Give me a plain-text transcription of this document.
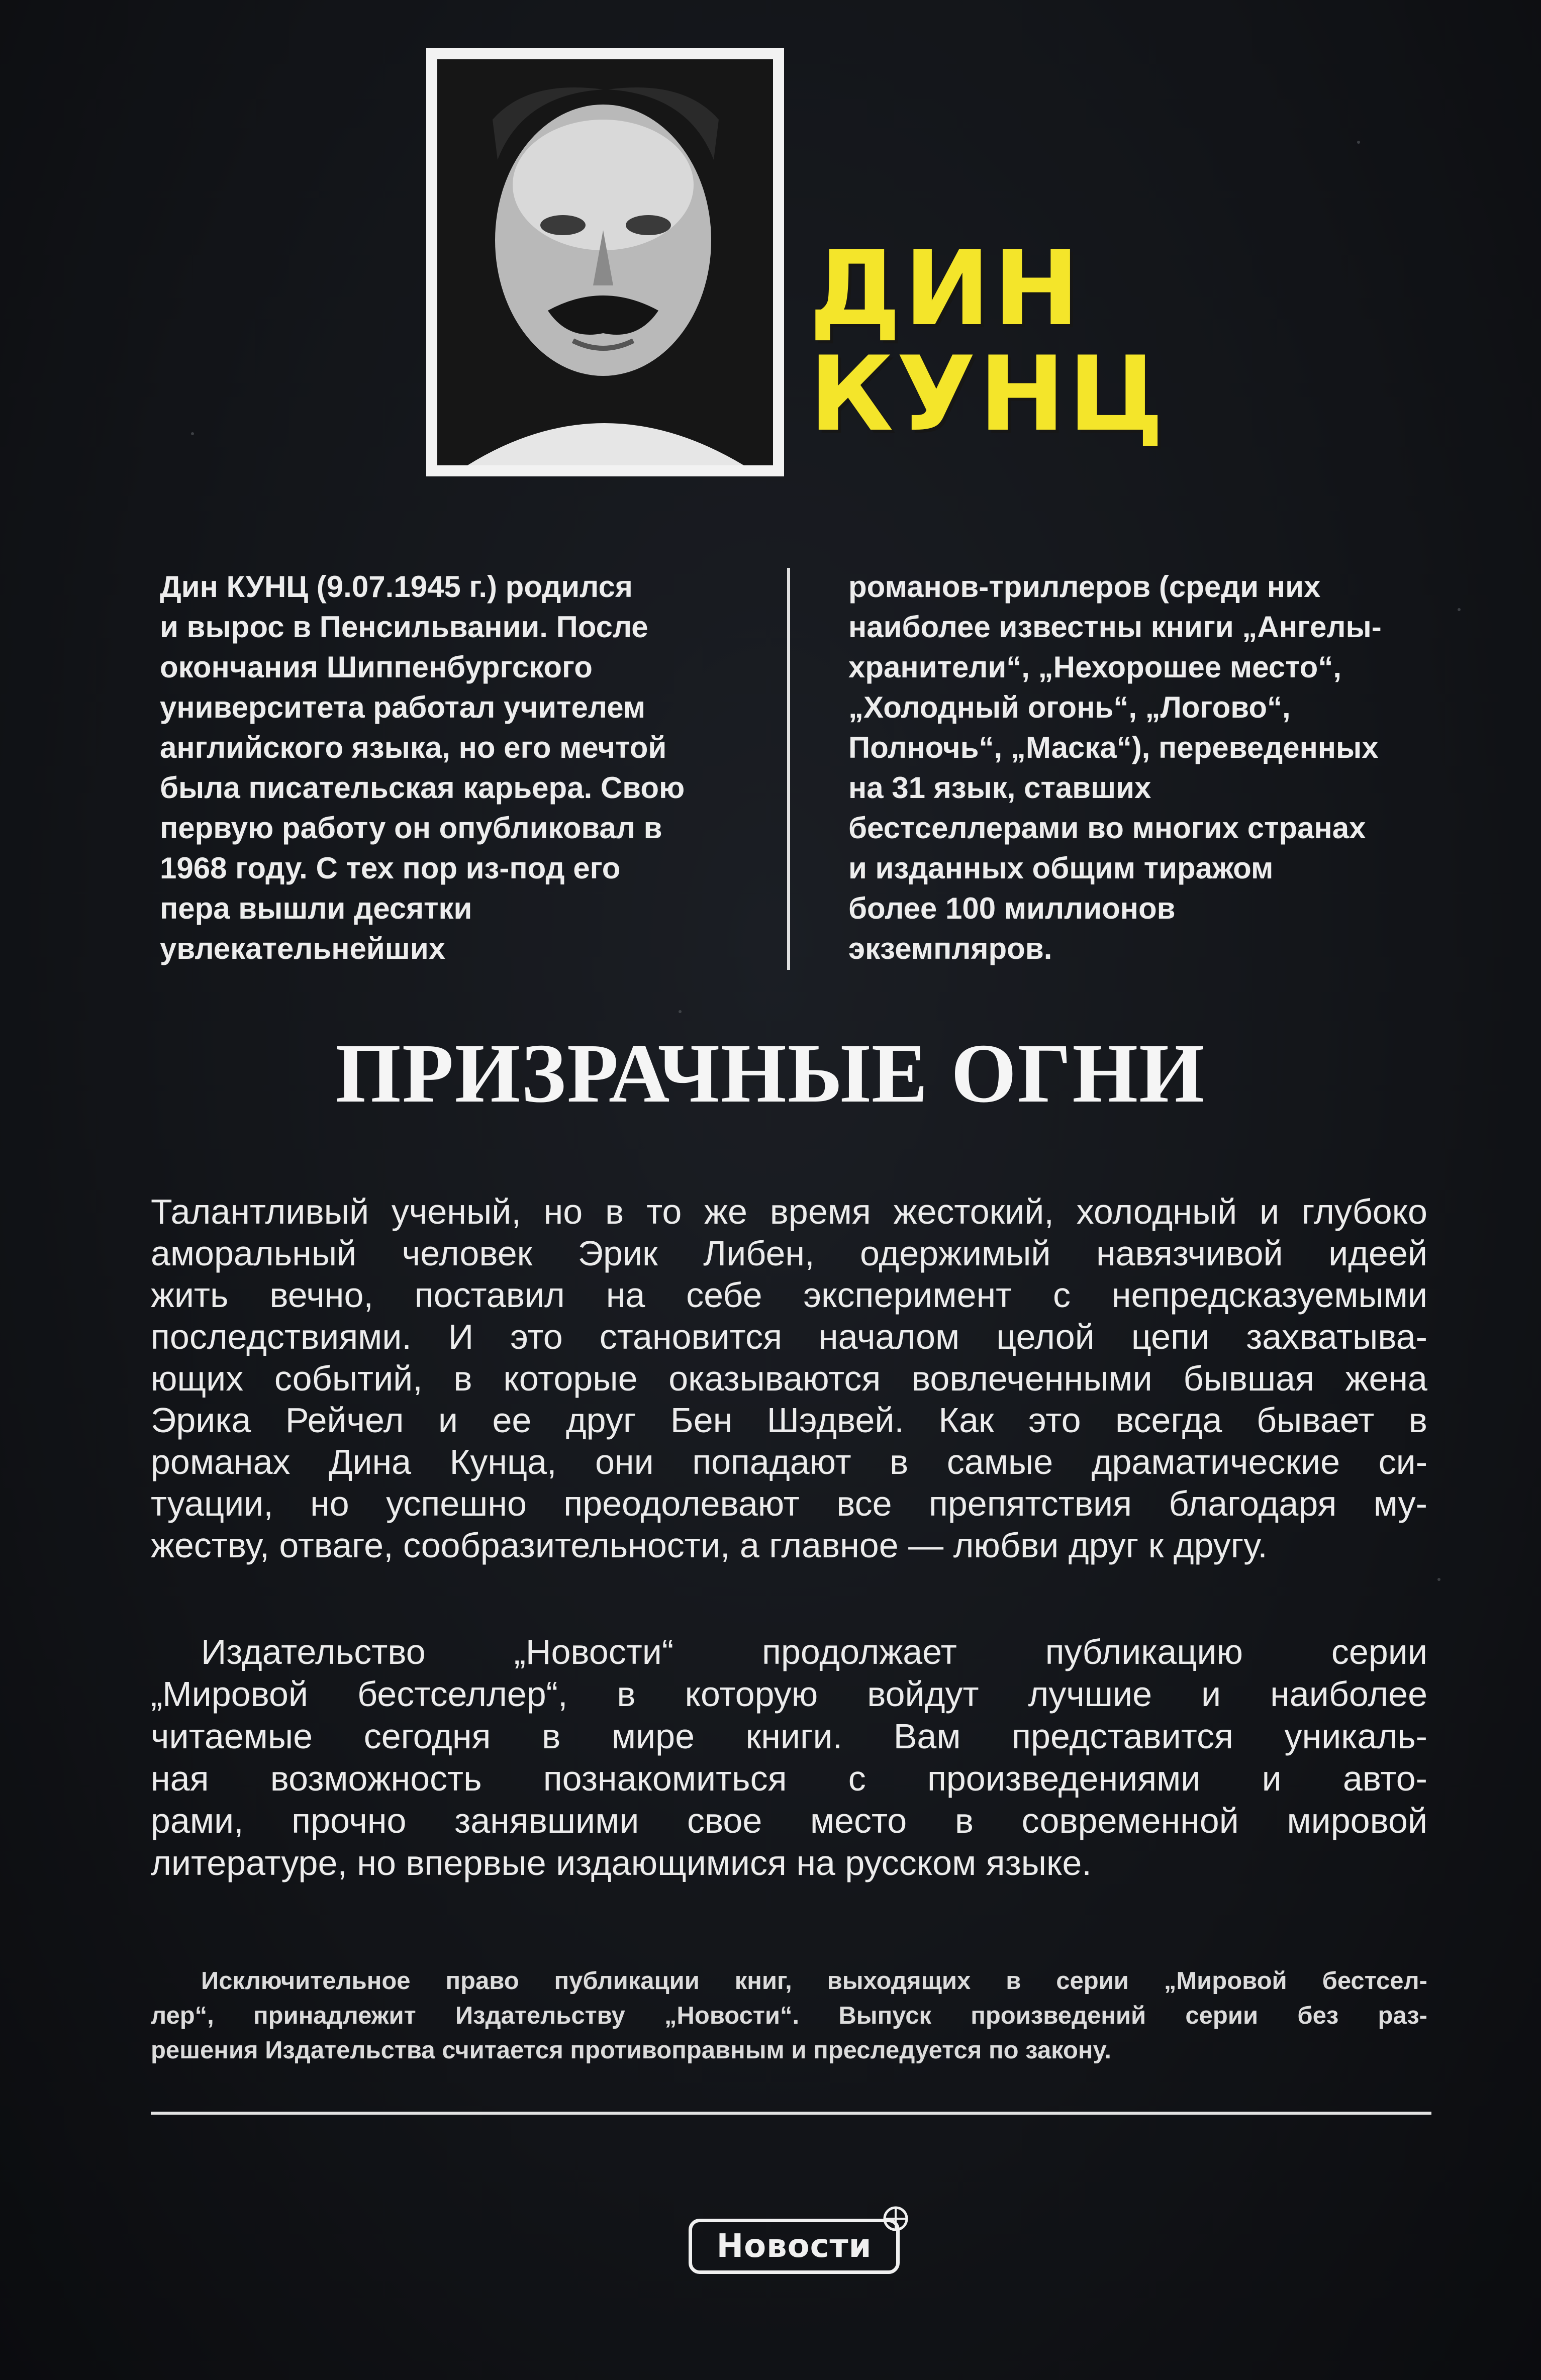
ДИН
КУНЦ
Дин КУНЦ (9.07.1945 г.) родился
и вырос в Пенсильвании. После
окончания Шиппенбургского
университета работал учителем
английского языка, но его мечтой
была писательская карьера. Свою
первую работу он опубликовал в
1968 году. С тех пор из-под его
пера вышли десятки
увлекательнейших
романов-триллеров (среди них
наиболее известны книги „Ангелы-
хранители“, „Нехорошее место“,
„Холодный огонь“, „Логово“,
Полночь“, „Маска“), переведенных
на 31 язык, ставших
бестселлерами во многих странах
и изданных общим тиражом
более 100 миллионов
экземпляров.
ПРИЗРАЧНЫЕ ОГНИ
Талантливый ученый, но в то же время жестокий, холодный и глубоко
аморальный человек Эрик Либен, одержимый навязчивой идеей
жить вечно, поставил на себе эксперимент с непредсказуемыми
последствиями. И это становится началом целой цепи захватыва-
ющих событий, в которые оказываются вовлеченными бывшая жена
Эрика Рейчел и ее друг Бен Шэдвей. Как это всегда бывает в
романах Дина Кунца, они попадают в самые драматические си-
туации, но успешно преодолевают все препятствия благодаря му-
жеству, отваге, сообразительности, а главное — любви друг к другу.
Издательство „Новости“ продолжает публикацию серии
„Мировой бестселлер“, в которую войдут лучшие и наиболее
читаемые сегодня в мире книги. Вам представится уникаль-
ная возможность познакомиться с произведениями и авто-
рами, прочно занявшими свое место в современной мировой
литературе, но впервые издающимися на русском языке.
Исключительное право публикации книг, выходящих в серии „Мировой бестсел-
лер“, принадлежит Издательству „Новости“. Выпуск произведений серии без раз-
решения Издательства считается противоправным и преследуется по закону.
Новости
